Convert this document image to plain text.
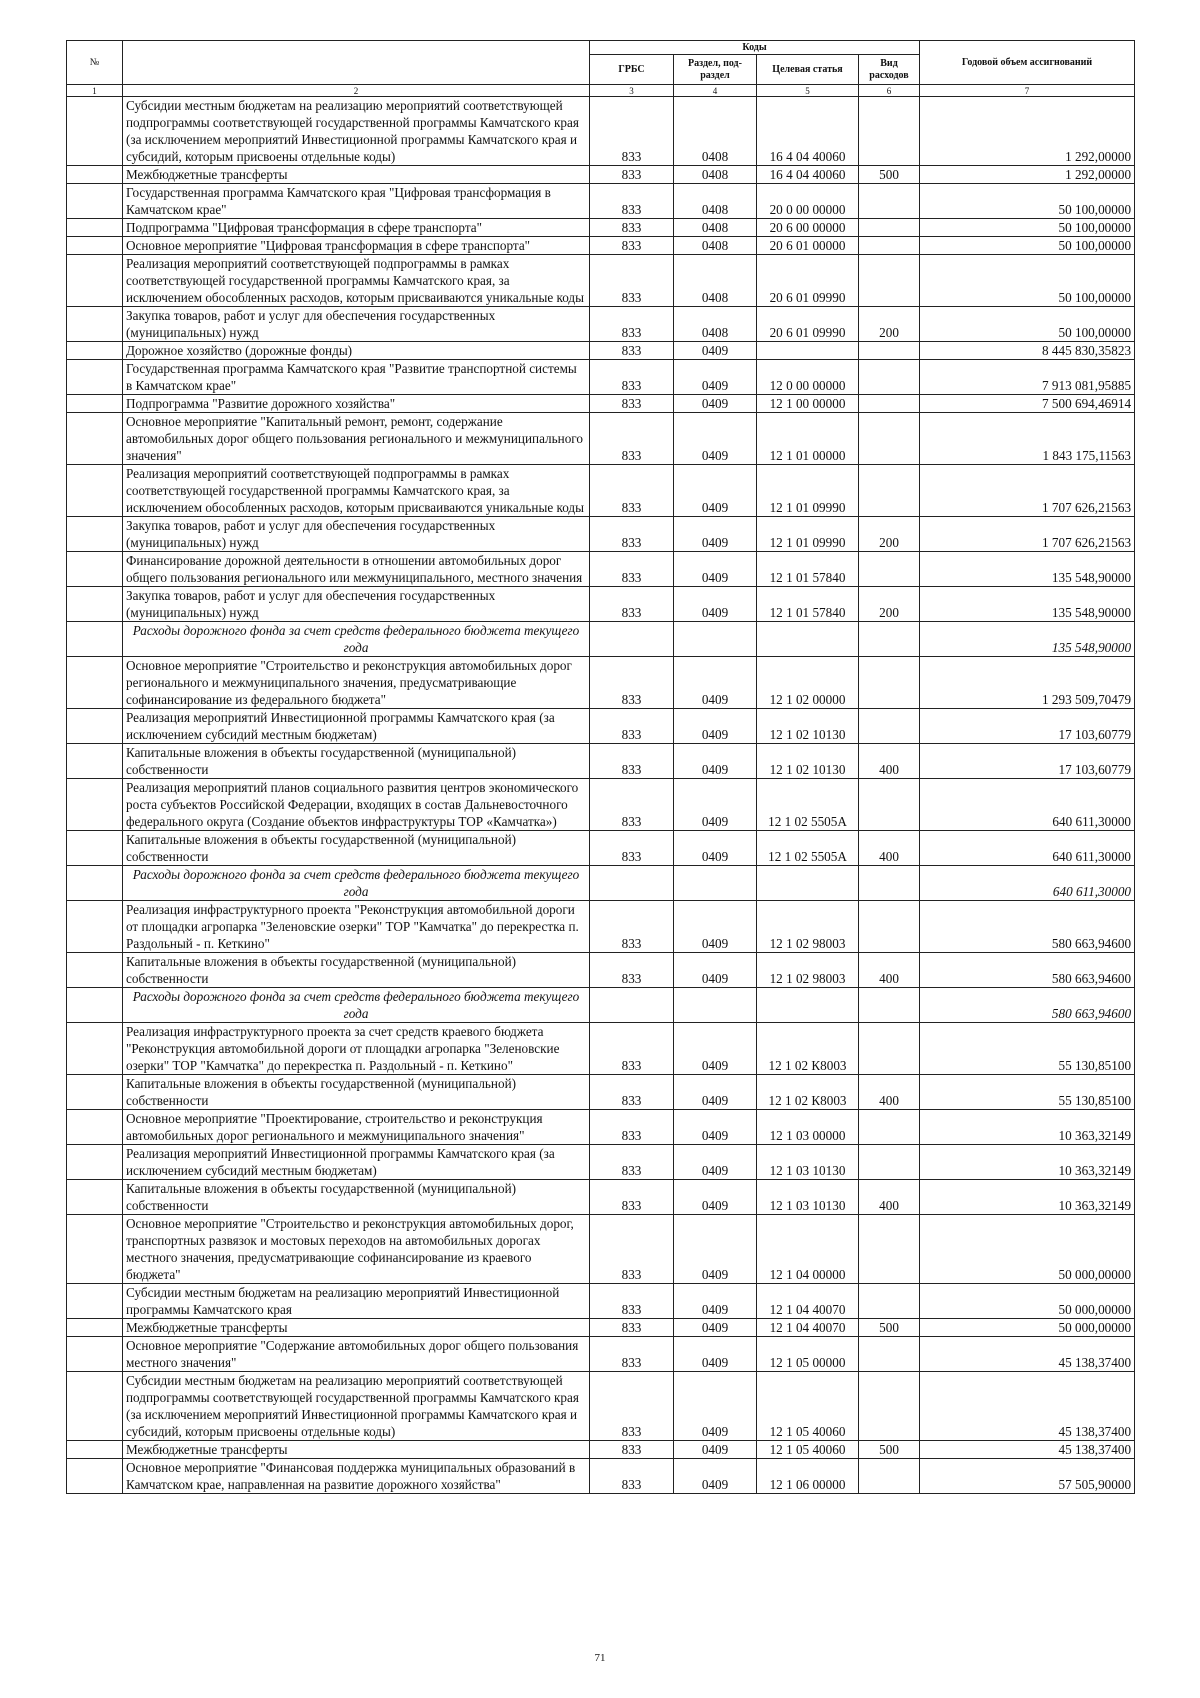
№		Коды				Годовой объем ассигнований
		ГРБС	Раздел, под-раздел	Целевая статья	Вид расходов	
1	2	3	4	5	6	7
	Субсидии местным бюджетам на реализацию мероприятий соответствующей подпрограммы соответствующей государственной программы Камчатского края (за исключением мероприятий Инвестиционной программы Камчатского края и субсидий, которым присвоены отдельные коды)	833	0408	16 4 04 40060		1 292,00000
	Межбюджетные трансферты	833	0408	16 4 04 40060	500	1 292,00000
	Государственная программа Камчатского края "Цифровая трансформация в Камчатском крае"	833	0408	20 0 00 00000		50 100,00000
	Подпрограмма "Цифровая трансформация в сфере транспорта"	833	0408	20 6 00 00000		50 100,00000
	Основное мероприятие "Цифровая трансформация в сфере транспорта"	833	0408	20 6 01 00000		50 100,00000
	Реализация мероприятий соответствующей подпрограммы в рамках соответствующей государственной программы Камчатского края, за исключением обособленных расходов, которым присваиваются уникальные коды	833	0408	20 6 01 09990		50 100,00000
	Закупка товаров, работ и услуг для обеспечения государственных (муниципальных) нужд	833	0408	20 6 01 09990	200	50 100,00000
	Дорожное хозяйство (дорожные фонды)	833	0409			8 445 830,35823
	Государственная программа Камчатского края "Развитие транспортной системы в Камчатском крае"	833	0409	12 0 00 00000		7 913 081,95885
	Подпрограмма "Развитие дорожного хозяйства"	833	0409	12 1 00 00000		7 500 694,46914
	Основное мероприятие "Капитальный ремонт, ремонт, содержание автомобильных дорог общего пользования регионального и межмуниципального значения"	833	0409	12 1 01 00000		1 843 175,11563
	Реализация мероприятий соответствующей подпрограммы в рамках соответствующей государственной программы Камчатского края, за исключением обособленных расходов, которым присваиваются уникальные коды	833	0409	12 1 01 09990		1 707 626,21563
	Закупка товаров, работ и услуг для обеспечения государственных (муниципальных) нужд	833	0409	12 1 01 09990	200	1 707 626,21563
	Финансирование дорожной деятельности в отношении автомобильных дорог общего пользования регионального или межмуниципального, местного значения	833	0409	12 1 01 57840		135 548,90000
	Закупка товаров, работ и услуг для обеспечения государственных (муниципальных) нужд	833	0409	12 1 01 57840	200	135 548,90000
	Расходы дорожного фонда за счет средств федерального бюджета текущего года					135 548,90000
	Основное мероприятие "Строительство и реконструкция автомобильных дорог регионального и межмуниципального значения, предусматривающие софинансирование из федерального бюджета"	833	0409	12 1 02 00000		1 293 509,70479
	Реализация мероприятий Инвестиционной программы Камчатского края (за исключением субсидий местным бюджетам)	833	0409	12 1 02 10130		17 103,60779
	Капитальные вложения в объекты государственной (муниципальной) собственности	833	0409	12 1 02 10130	400	17 103,60779
	Реализация мероприятий планов социального развития центров экономического роста субъектов Российской Федерации, входящих в состав Дальневосточного федерального округа (Создание объектов инфраструктуры ТОР «Камчатка»)	833	0409	12 1 02 5505А		640 611,30000
	Капитальные вложения в объекты государственной (муниципальной) собственности	833	0409	12 1 02 5505А	400	640 611,30000
	Расходы дорожного фонда за счет средств федерального бюджета текущего года					640 611,30000
	Реализация инфраструктурного проекта "Реконструкция автомобильной дороги от площадки агропарка "Зеленовские озерки" ТОР "Камчатка" до перекрестка п. Раздольный - п. Кеткино"	833	0409	12 1 02 98003		580 663,94600
	Капитальные вложения в объекты государственной (муниципальной) собственности	833	0409	12 1 02 98003	400	580 663,94600
	Расходы дорожного фонда за счет средств федерального бюджета текущего года					580 663,94600
	Реализация инфраструктурного проекта за счет средств краевого бюджета "Реконструкция автомобильной дороги от площадки агропарка "Зеленовские озерки" ТОР "Камчатка" до перекрестка п. Раздольный - п. Кеткино"	833	0409	12 1 02 К8003		55 130,85100
	Капитальные вложения в объекты государственной (муниципальной) собственности	833	0409	12 1 02 К8003	400	55 130,85100
	Основное мероприятие "Проектирование, строительство и реконструкция автомобильных дорог регионального и межмуниципального значения"	833	0409	12 1 03 00000		10 363,32149
	Реализация мероприятий Инвестиционной программы Камчатского края (за исключением субсидий местным бюджетам)	833	0409	12 1 03 10130		10 363,32149
	Капитальные вложения в объекты государственной (муниципальной) собственности	833	0409	12 1 03 10130	400	10 363,32149
	Основное мероприятие "Строительство и реконструкция автомобильных дорог, транспортных развязок и мостовых переходов на автомобильных дорогах местного значения, предусматривающие софинансирование из краевого бюджета"	833	0409	12 1 04 00000		50 000,00000
	Субсидии местным бюджетам на реализацию мероприятий Инвестиционной программы Камчатского края	833	0409	12 1 04 40070		50 000,00000
	Межбюджетные трансферты	833	0409	12 1 04 40070	500	50 000,00000
	Основное мероприятие "Содержание автомобильных дорог общего пользования местного значения"	833	0409	12 1 05 00000		45 138,37400
	Субсидии местным бюджетам на реализацию мероприятий соответствующей подпрограммы соответствующей государственной программы Камчатского края (за исключением мероприятий Инвестиционной программы Камчатского края и субсидий, которым присвоены отдельные коды)	833	0409	12 1 05 40060		45 138,37400
	Межбюджетные трансферты	833	0409	12 1 05 40060	500	45 138,37400
	Основное мероприятие "Финансовая поддержка муниципальных образований в Камчатском крае, направленная на развитие дорожного хозяйства"	833	0409	12 1 06 00000		57 505,90000
71
